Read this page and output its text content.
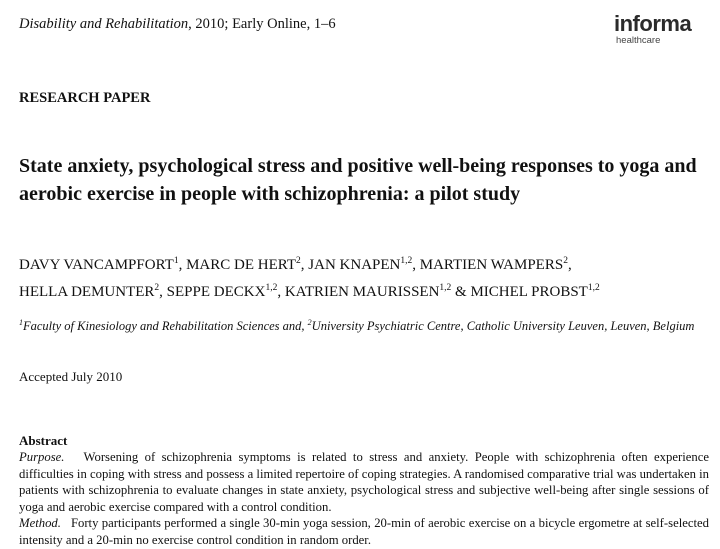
Disability and Rehabilitation, 2010; Early Online, 1–6	informa
healthcare
RESEARCH PAPER
State anxiety, psychological stress and positive well-being responses to yoga and aerobic exercise in people with schizophrenia: a pilot study
DAVY VANCAMPFORT$^1$, MARC DE HERT$^2$, JAN KNAPEN$^{1,2}$, MARTIEN WAMPERS$^2$,
HELLA DEMUNTER$^2$, SEPPE DECKX$^{1,2}$, KATRIEN MAURISSEN$^{1,2}$ & MICHEL PROBST$^{1,2}$
$^1$Faculty of Kinesiology and Rehabilitation Sciences and, $^2$University Psychiatric Centre, Catholic University Leuven, Leuven, Belgium
Accepted July 2010
Abstract
Purpose. Worsening of schizophrenia symptoms is related to stress and anxiety. People with schizophrenia often experience difficulties in coping with stress and possess a limited repertoire of coping strategies. A randomised comparative trial was undertaken in patients with schizophrenia to evaluate changes in state anxiety, psychological stress and subjective well-being after single sessions of yoga and aerobic exercise compared with a control condition.
Method. Forty participants performed a single 30-min yoga session, 20-min of aerobic exercise on a bicycle ergometre at self-selected intensity and a 20-min no exercise control condition in random order.
